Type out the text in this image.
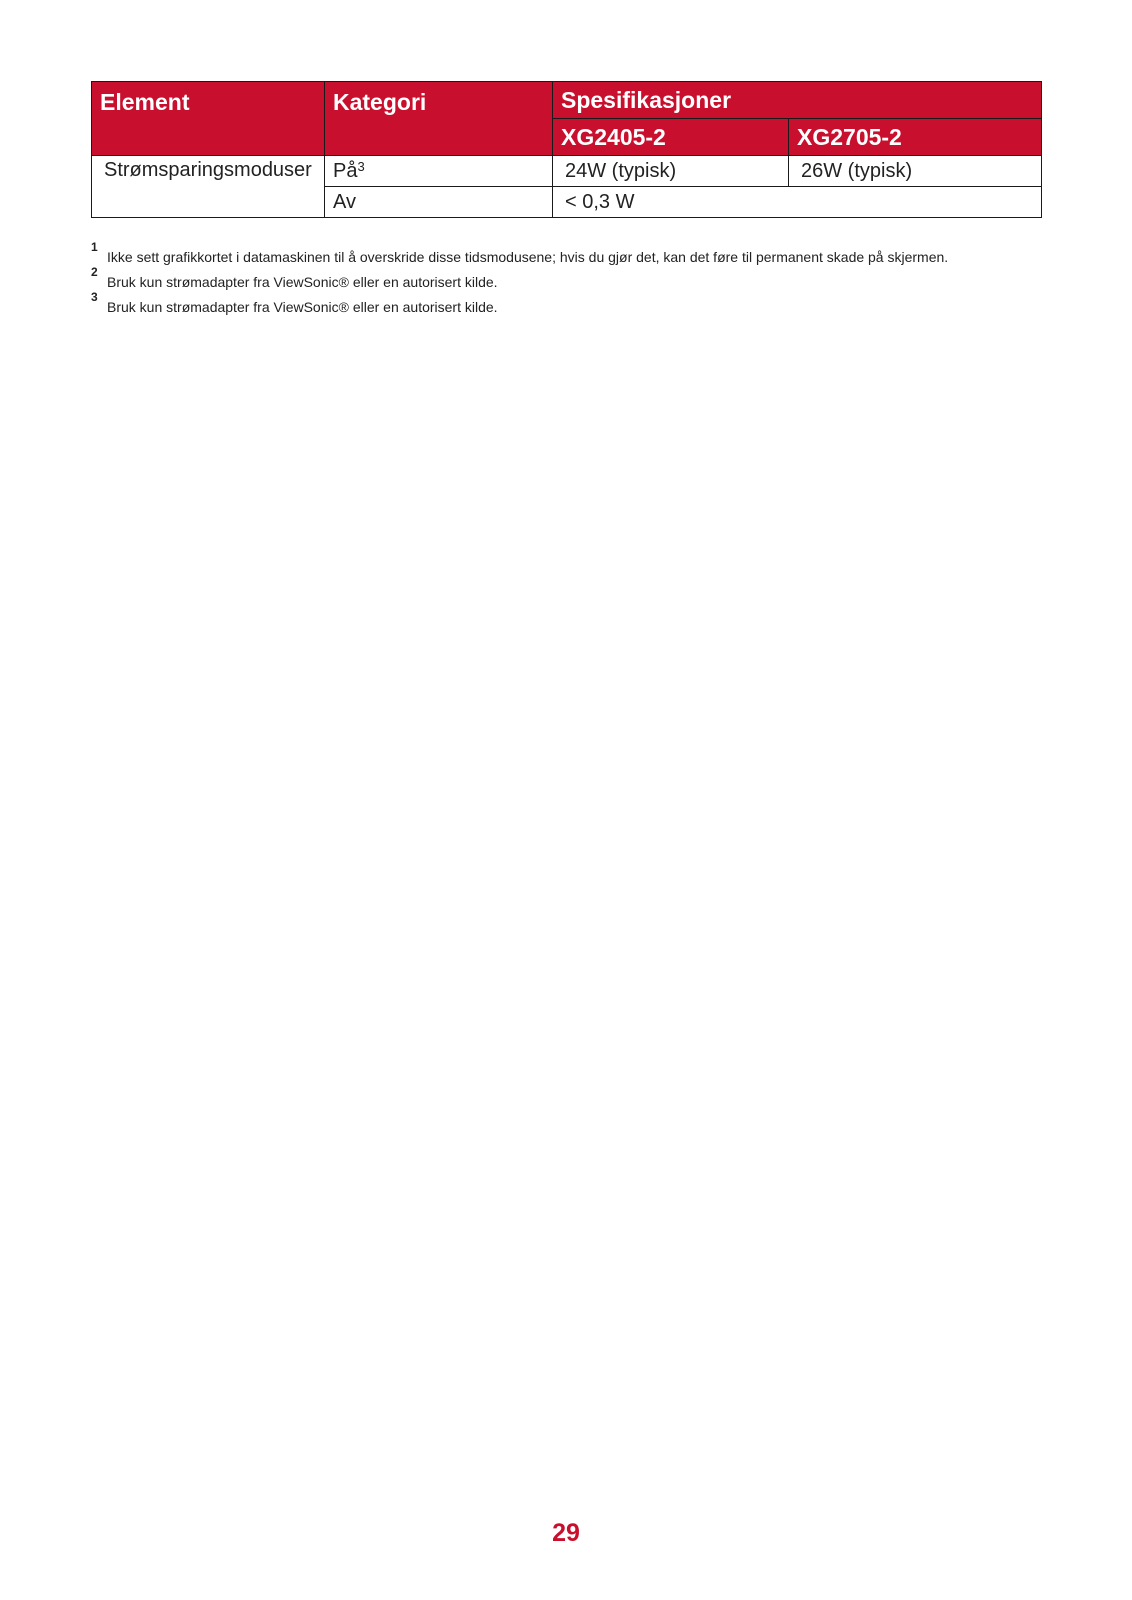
Element	Kategori	Spesifikasjoner	
		XG2405-2	XG2705-2
Strømsparingsmoduser	$På^3$	24W (typisk)	26W (typisk)
	Av	< 0,3 W	
1
Ikke sett grafikkortet i datamaskinen til å overskride disse tidsmodusene; hvis du gjør det, kan det føre til permanent skade på skjermen.
2
Bruk kun strømadapter fra ViewSonic® eller en autorisert kilde.
3
Bruk kun strømadapter fra ViewSonic® eller en autorisert kilde.
29
